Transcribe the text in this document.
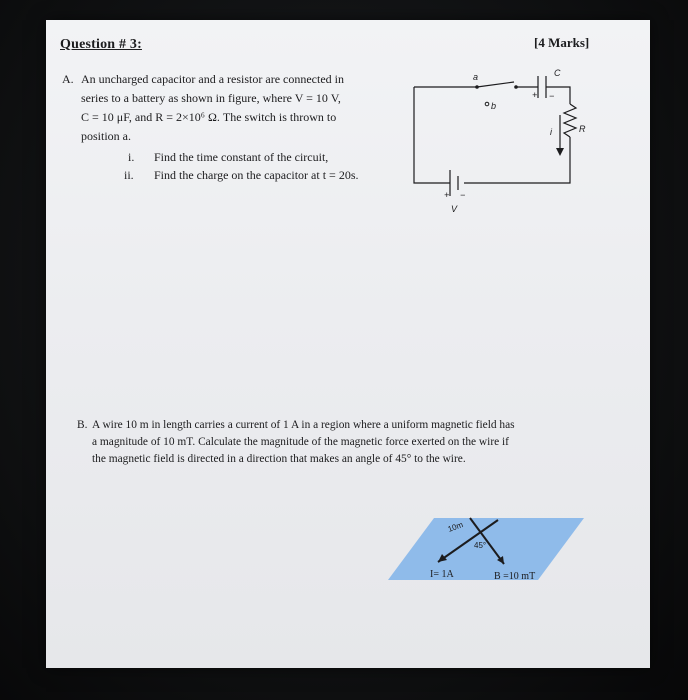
Question # 3:	[4 Marks]
A. An uncharged capacitor and a resistor are connected in
series to a battery as shown in figure, where V = 10 V,
C = 10 μF, and R = 2×10⁶ Ω. The switch is thrown to
position a.
i. Find the time constant of the circuit,
ii. Find the charge on the capacitor at t = 20s.
a
b
C
R
i
V
+ −
+ −
B. A wire 10 m in length carries a current of 1 A in a region where a uniform magnetic field has
a magnitude of 10 mT. Calculate the magnitude of the magnetic force exerted on the wire if
the magnetic field is directed in a direction that makes an angle of 45° to the wire.
10m
45°
I= 1A	B =10 mT
